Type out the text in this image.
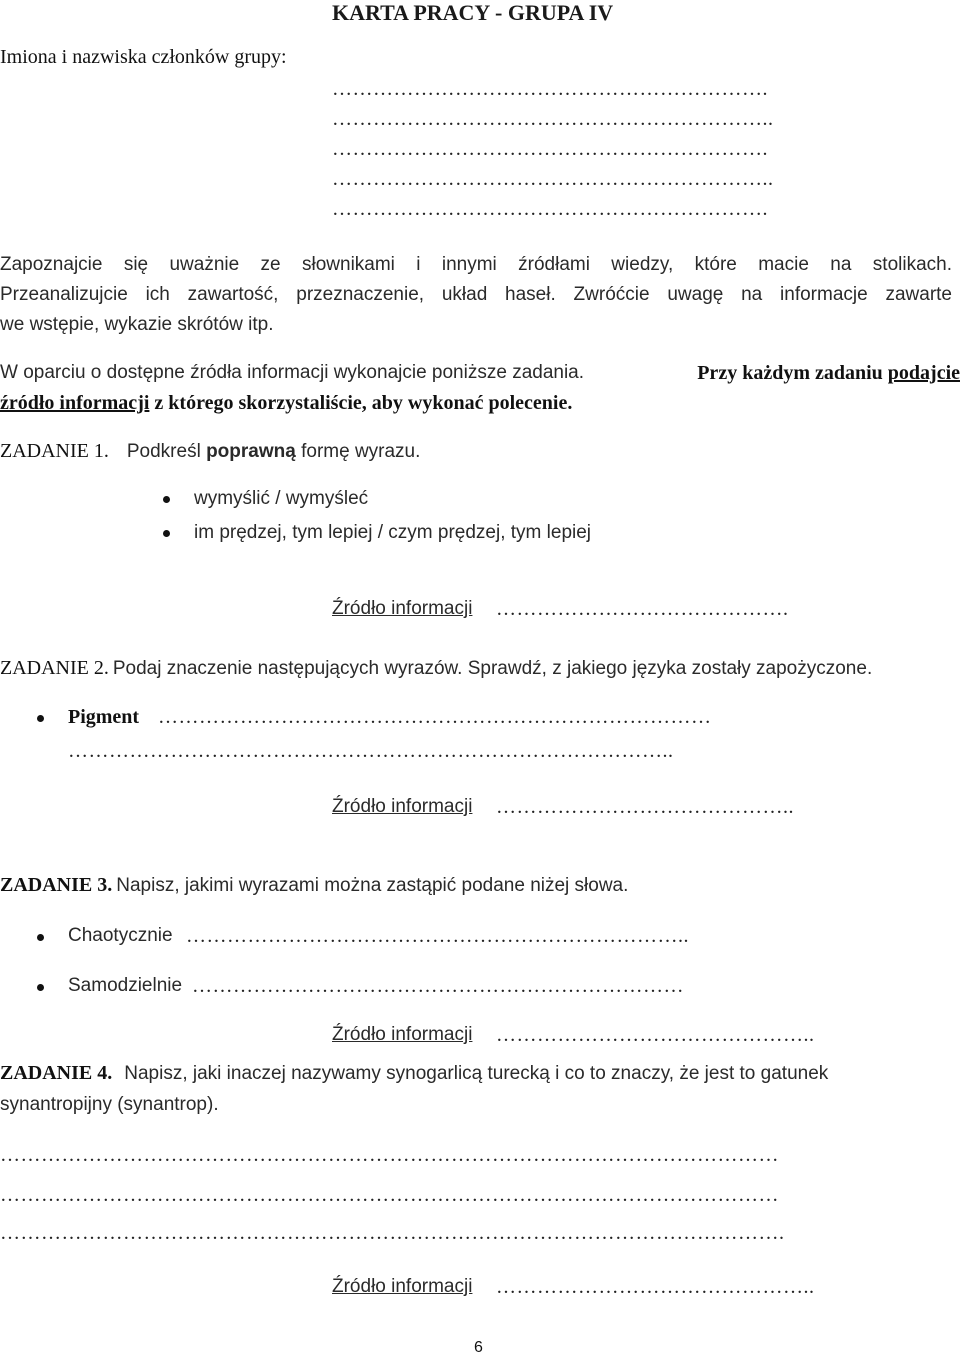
KARTA PRACY - GRUPA IV
Imiona i nazwiska członków grupy:
……………………………………………………….
………………………………………………………..
……………………………………………………….
………………………………………………………..
……………………………………………………….
Zapoznajcie się uważnie ze słownikami i innymi źródłami wiedzy, które macie na stolikach.
Przeanalizujcie ich zawartość, przeznaczenie, układ haseł. Zwróćcie uwagę na informacje zawarte
we wstępie, wykazie skrótów itp.
W oparciu o dostępne źródła informacji wykonajcie poniższe zadania.	Przy każdym zadaniu podajcie
źródło informacji z którego skorzystaliście, aby wykonać polecenie.
ZADANIE 1. Podkreśl poprawną formę wyrazu.
wymyślić / wymyśleć
im prędzej, tym lepiej / czym prędzej, tym lepiej
Źródło informacji …………………………………….
ZADANIE 2. Podaj znaczenie następujących wyrazów. Sprawdź, z jakiego języka zostały zapożyczone.
Pigment ………………………………………………………………………
……………………………………………………………………………..
Źródło informacji ……………………………………..
ZADANIE 3. Napisz, jakimi wyrazami można zastąpić podane niżej słowa.
Chaotycznie ………………………………………………………………..
Samodzielnie ………………………………………………………………
Źródło informacji ………………………………………..
ZADANIE 4. Napisz, jaki inaczej nazywamy synogarlicą turecką i co to znaczy, że jest to gatunek
synantropijny (synantrop).
……………………………………………………………………………………………………
……………………………………………………………………………………………………
…………………………………………………………………………………………………….
Źródło informacji ………………………………………..
6
